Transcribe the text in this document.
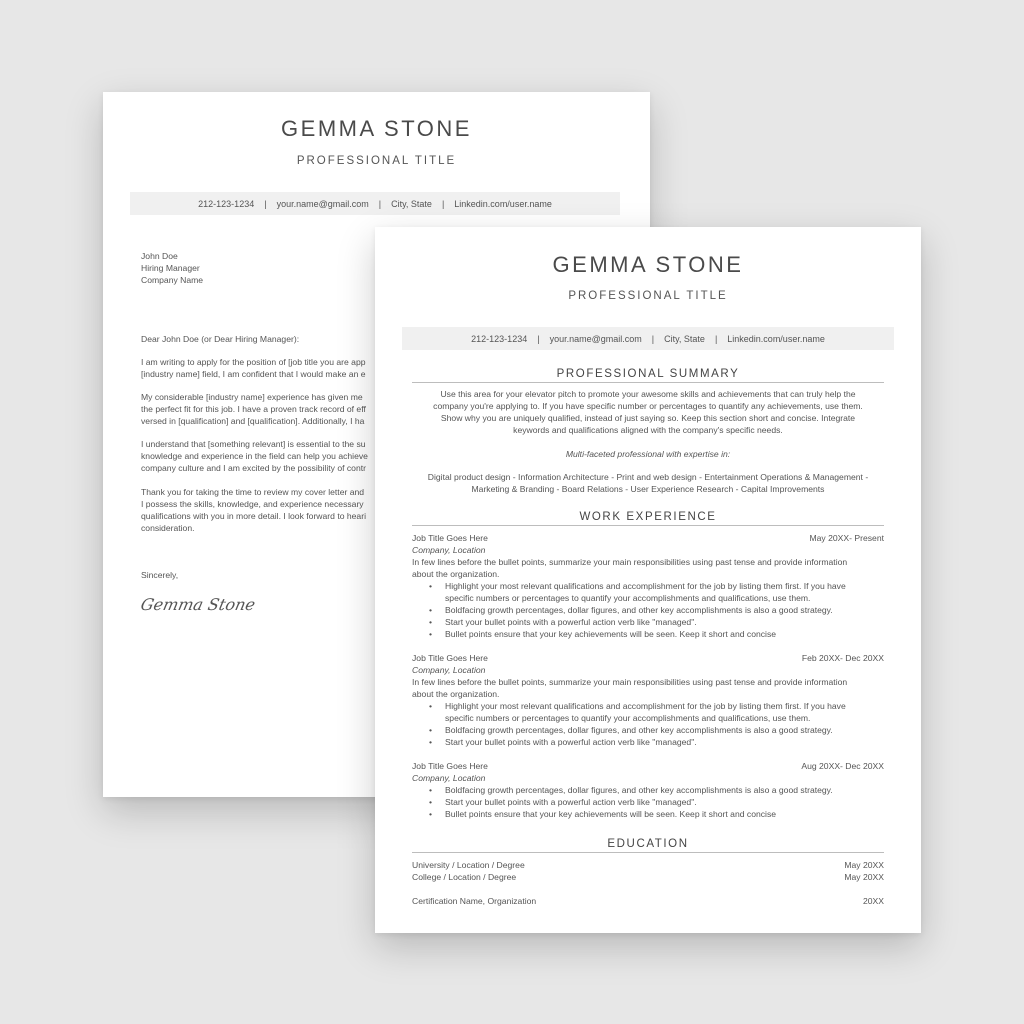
GEMMA STONE
PROFESSIONAL TITLE
212-123-1234 | your.name@gmail.com | City, State | Linkedin.com/user.name
John Doe
Hiring Manager
Company Name
Dear John Doe (or Dear Hiring Manager):
I am writing to apply for the position of [job title you are app
[industry name] field, I am confident that I would make an e
My considerable [industry name] experience has given me
the perfect fit for this job. I have a proven track record of eff
versed in [qualification] and [qualification]. Additionally, I ha
I understand that [something relevant] is essential to the su
knowledge and experience in the field can help you achieve
company culture and I am excited by the possibility of contr
Thank you for taking the time to review my cover letter and
I possess the skills, knowledge, and experience necessary
qualifications with you in more detail. I look forward to heari
consideration.
Sincerely,
Gemma Stone
GEMMA STONE
PROFESSIONAL TITLE
212-123-1234 | your.name@gmail.com | City, State | Linkedin.com/user.name
PROFESSIONAL SUMMARY
Use this area for your elevator pitch to promote your awesome skills and achievements that can truly help the
company you're applying to. If you have specific number or percentages to quantify any achievements, use them.
Show why you are uniquely qualified, instead of just saying so. Keep this section short and concise. Integrate
keywords and qualifications aligned with the company's specific needs.
Multi-faceted professional with expertise in:
Digital product design - Information Architecture - Print and web design - Entertainment Operations & Management -
Marketing & Branding - Board Relations - User Experience Research - Capital Improvements
WORK EXPERIENCE
Job Title Goes Here	May 20XX- Present
Company, Location
In few lines before the bullet points, summarize your main responsibilities using past tense and provide information
about the organization.
• Highlight your most relevant qualifications and accomplishment for the job by listing them first. If you have
specific numbers or percentages to quantify your accomplishments and qualifications, use them.
• Boldfacing growth percentages, dollar figures, and other key accomplishments is also a good strategy.
• Start your bullet points with a powerful action verb like "managed".
• Bullet points ensure that your key achievements will be seen. Keep it short and concise
Job Title Goes Here	Feb 20XX- Dec 20XX
Company, Location
In few lines before the bullet points, summarize your main responsibilities using past tense and provide information
about the organization.
• Highlight your most relevant qualifications and accomplishment for the job by listing them first. If you have
specific numbers or percentages to quantify your accomplishments and qualifications, use them.
• Boldfacing growth percentages, dollar figures, and other key accomplishments is also a good strategy.
• Start your bullet points with a powerful action verb like "managed".
Job Title Goes Here	Aug 20XX- Dec 20XX
Company, Location
• Boldfacing growth percentages, dollar figures, and other key accomplishments is also a good strategy.
• Start your bullet points with a powerful action verb like "managed".
• Bullet points ensure that your key achievements will be seen. Keep it short and concise
EDUCATION
University / Location / Degree	May 20XX
College / Location / Degree	May 20XX
Certification Name, Organization	20XX
